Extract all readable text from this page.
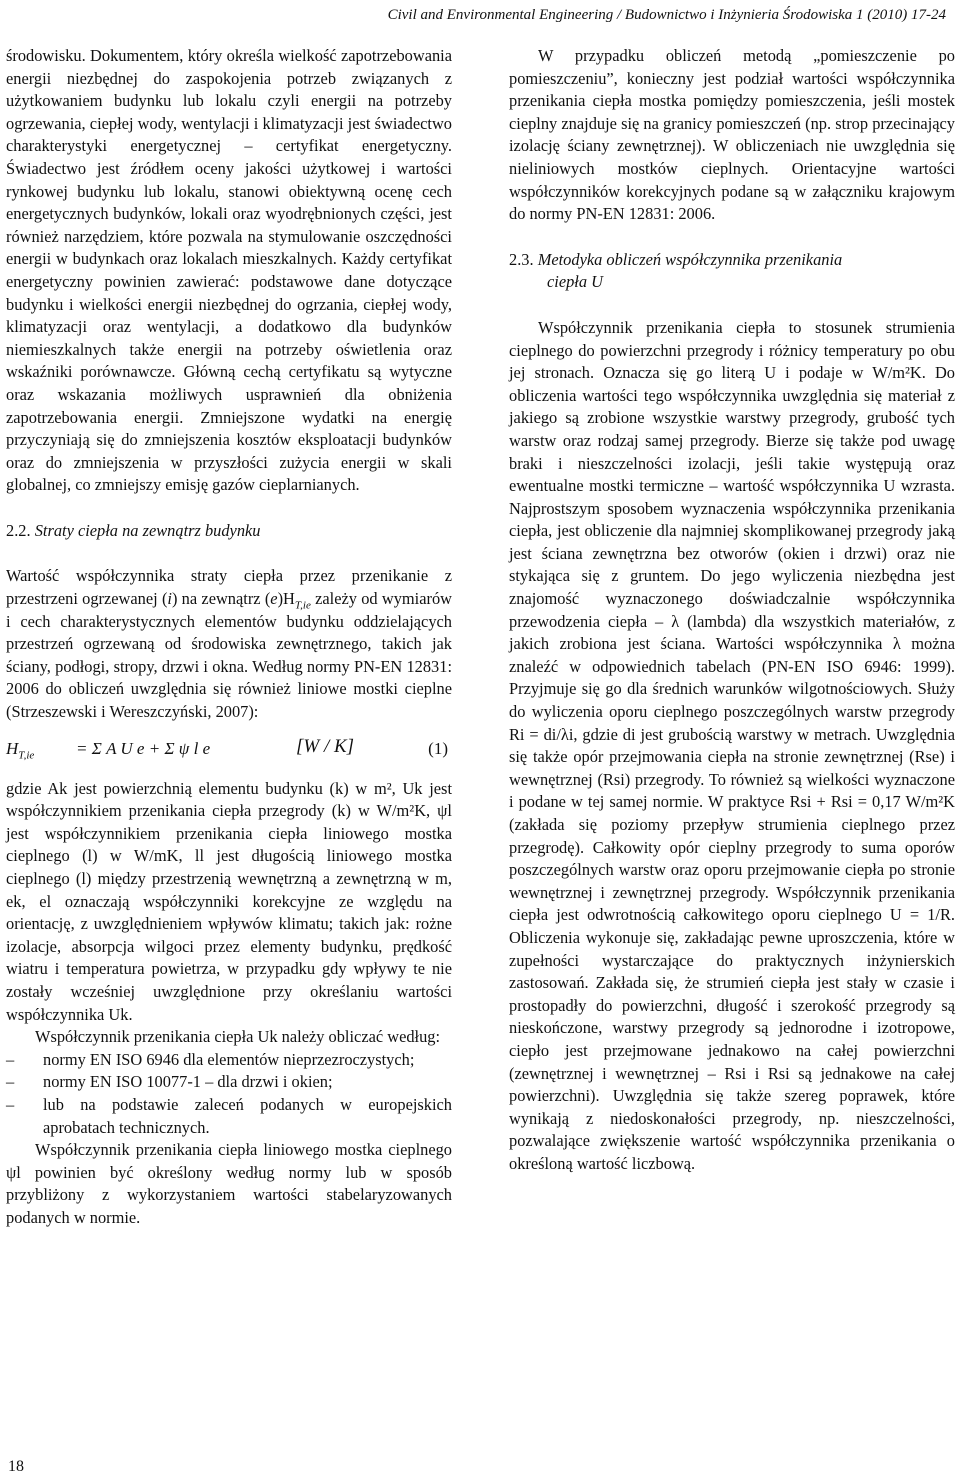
Civil and Environmental Engineering / Budownictwo i Inżynieria Środowiska 1 (2010) 17-24

środowisku. Dokumentem, który określa wielkość zapotrzebowania energii niezbędnej do zaspokojenia potrzeb związanych z użytkowaniem budynku lub lokalu czyli energii na potrzeby ogrzewania, ciepłej wody, wentylacji i klimatyzacji jest świadectwo charakterystyki energetycznej – certyfikat energetyczny. Świadectwo jest źródłem oceny jakości użytkowej i wartości rynkowej budynku lub lokalu, stanowi obiektywną ocenę cech energetycznych budynków, lokali oraz wyodrębnionych części, jest również narzędziem, które pozwala na stymulowanie oszczędności energii w budynkach oraz lokalach mieszkalnych. Każdy certyfikat energetyczny powinien zawierać: podstawowe dane dotyczące budynku i wielkości energii niezbędnej do ogrzania, ciepłej wody, klimatyzacji oraz wentylacji, a dodatkowo dla budynków niemieszkalnych także energii na potrzeby oświetlenia oraz wskaźniki porównawcze. Główną cechą certyfikatu są wytyczne oraz wskazania możliwych usprawnień dla obniżenia zapotrzebowania energii. Zmniejszone wydatki na energię przyczyniają się do zmniejszenia kosztów eksploatacji budynków oraz do zmniejszenia w przyszłości zużycia energii w skali globalnej, co zmniejszy emisję gazów cieplarnianych.

2.2. Straty ciepła na zewnątrz budynku

Wartość współczynnika straty ciepła przez przenikanie z przestrzeni ogrzewanej (i) na zewnątrz $(e)H_{T,ie}$ zależy od wymiarów i cech charakterystycznych elementów budynku oddzielających przestrzeń ogrzewaną od środowiska zewnętrznego, takich jak ściany, podłogi, stropy, drzwi i okna. Według normy PN-EN 12831: 2006 do obliczeń uwzględnia się również liniowe mostki cieplne (Strzeszewski i Wereszczyński, 2007):

$H_{T,ie} = \Sigma$ A U e + Σ ψ l e	[W / K]	(1)

gdzie Ak jest powierzchnią elementu budynku (k) w m², Uk jest współczynnikiem przenikania ciepła przegrody (k) w W/m²K, ψl jest współczynnikiem przenikania ciepła liniowego mostka cieplnego (l) w W/mK, ll jest długością liniowego mostka cieplnego (l) między przestrzenią wewnętrzną a zewnętrzną w m, ek, el oznaczają współczynniki korekcyjne ze względu na orientację, z uwzględnieniem wpływów klimatu; takich jak: rożne izolacje, absorpcja wilgoci przez elementy budynku, prędkość wiatru i temperatura powietrza, w przypadku gdy wpływy te nie zostały wcześniej uwzględnione przy określaniu wartości współczynnika Uk.

Współczynnik przenikania ciepła Uk należy obliczać według:

– normy EN ISO 6946 dla elementów nieprzezroczystych;
– normy EN ISO 10077-1 – dla drzwi i okien;
– lub na podstawie zaleceń podanych w europejskich aprobatach technicznych.

Współczynnik przenikania ciepła liniowego mostka cieplnego ψl powinien być określony według normy lub w sposób przybliżony z wykorzystaniem wartości stabelaryzowanych podanych w normie.

W przypadku obliczeń metodą „pomieszczenie po pomieszczeniu”, konieczny jest podział wartości współczynnika przenikania ciepła mostka pomiędzy pomieszczenia, jeśli mostek cieplny znajduje się na granicy pomieszczeń (np. strop przecinający izolację ściany zewnętrznej). W obliczeniach nie uwzględnia się nieliniowych mostków cieplnych. Orientacyjne wartości współczynników korekcyjnych podane są w załączniku krajowym do normy PN-EN 12831: 2006.

2.3. Metodyka obliczeń współczynnika przenikania
ciepła U

Współczynnik przenikania ciepła to stosunek strumienia cieplnego do powierzchni przegrody i różnicy temperatury po obu jej stronach. Oznacza się go literą U i podaje w W/m²K. Do obliczenia wartości tego współczynnika uwzględnia się materiał z jakiego są zrobione wszystkie warstwy przegrody, grubość tych warstw oraz rodzaj samej przegrody. Bierze się także pod uwagę braki i nieszczelności izolacji, jeśli takie występują oraz ewentualne mostki termiczne – wartość współczynnika U wzrasta. Najprostszym sposobem wyznaczenia współczynnika przenikania ciepła, jest obliczenie dla najmniej skomplikowanej przegrody jaką jest ściana zewnętrzna bez otworów (okien i drzwi) oraz nie stykająca się z gruntem. Do jego wyliczenia niezbędna jest znajomość wyznaczonego doświadczalnie współczynnika przewodzenia ciepła – λ (lambda) dla wszystkich materiałów, z jakich zrobiona jest ściana. Wartości współczynnika λ można znaleźć w odpowiednich tabelach (PN-EN ISO 6946: 1999). Przyjmuje się go dla średnich warunków wilgotnościowych. Służy do wyliczenia oporu cieplnego poszczególnych warstw przegrody Ri = di/λi, gdzie di jest grubością warstwy w metrach. Uwzględnia się także opór przejmowania ciepła na stronie zewnętrznej (Rse) i wewnętrznej (Rsi) przegrody. To również są wielkości wyznaczone i podane w tej samej normie. W praktyce Rsi + Rsi = 0,17 W/m²K (zakłada się poziomy przepływ strumienia cieplnego przez przegrodę). Całkowity opór cieplny przegrody to suma oporów poszczególnych warstw oraz oporu przejmowanie ciepła po stronie wewnętrznej i zewnętrznej przegrody. Współczynnik przenikania ciepła jest odwrotnością całkowitego oporu cieplnego U = 1/R. Obliczenia wykonuje się, zakładając pewne uproszczenia, które w zupełności wystarczające do praktycznych inżynierskich zastosowań. Zakłada się, że strumień ciepła jest stały w czasie i prostopadły do powierzchni, długość i szerokość przegrody są nieskończone, warstwy przegrody są jednorodne i izotropowe, ciepło jest przejmowane jednakowo na całej powierzchni (zewnętrznej i wewnętrznej – Rsi i Rsi są jednakowe na całej powierzchni). Uwzględnia się także szereg poprawek, które wynikają z niedoskonałości przegrody, np. nieszczelności, pozwalające zwiększenie wartość współczynnika przenikania o określoną wartość liczbową.

18
